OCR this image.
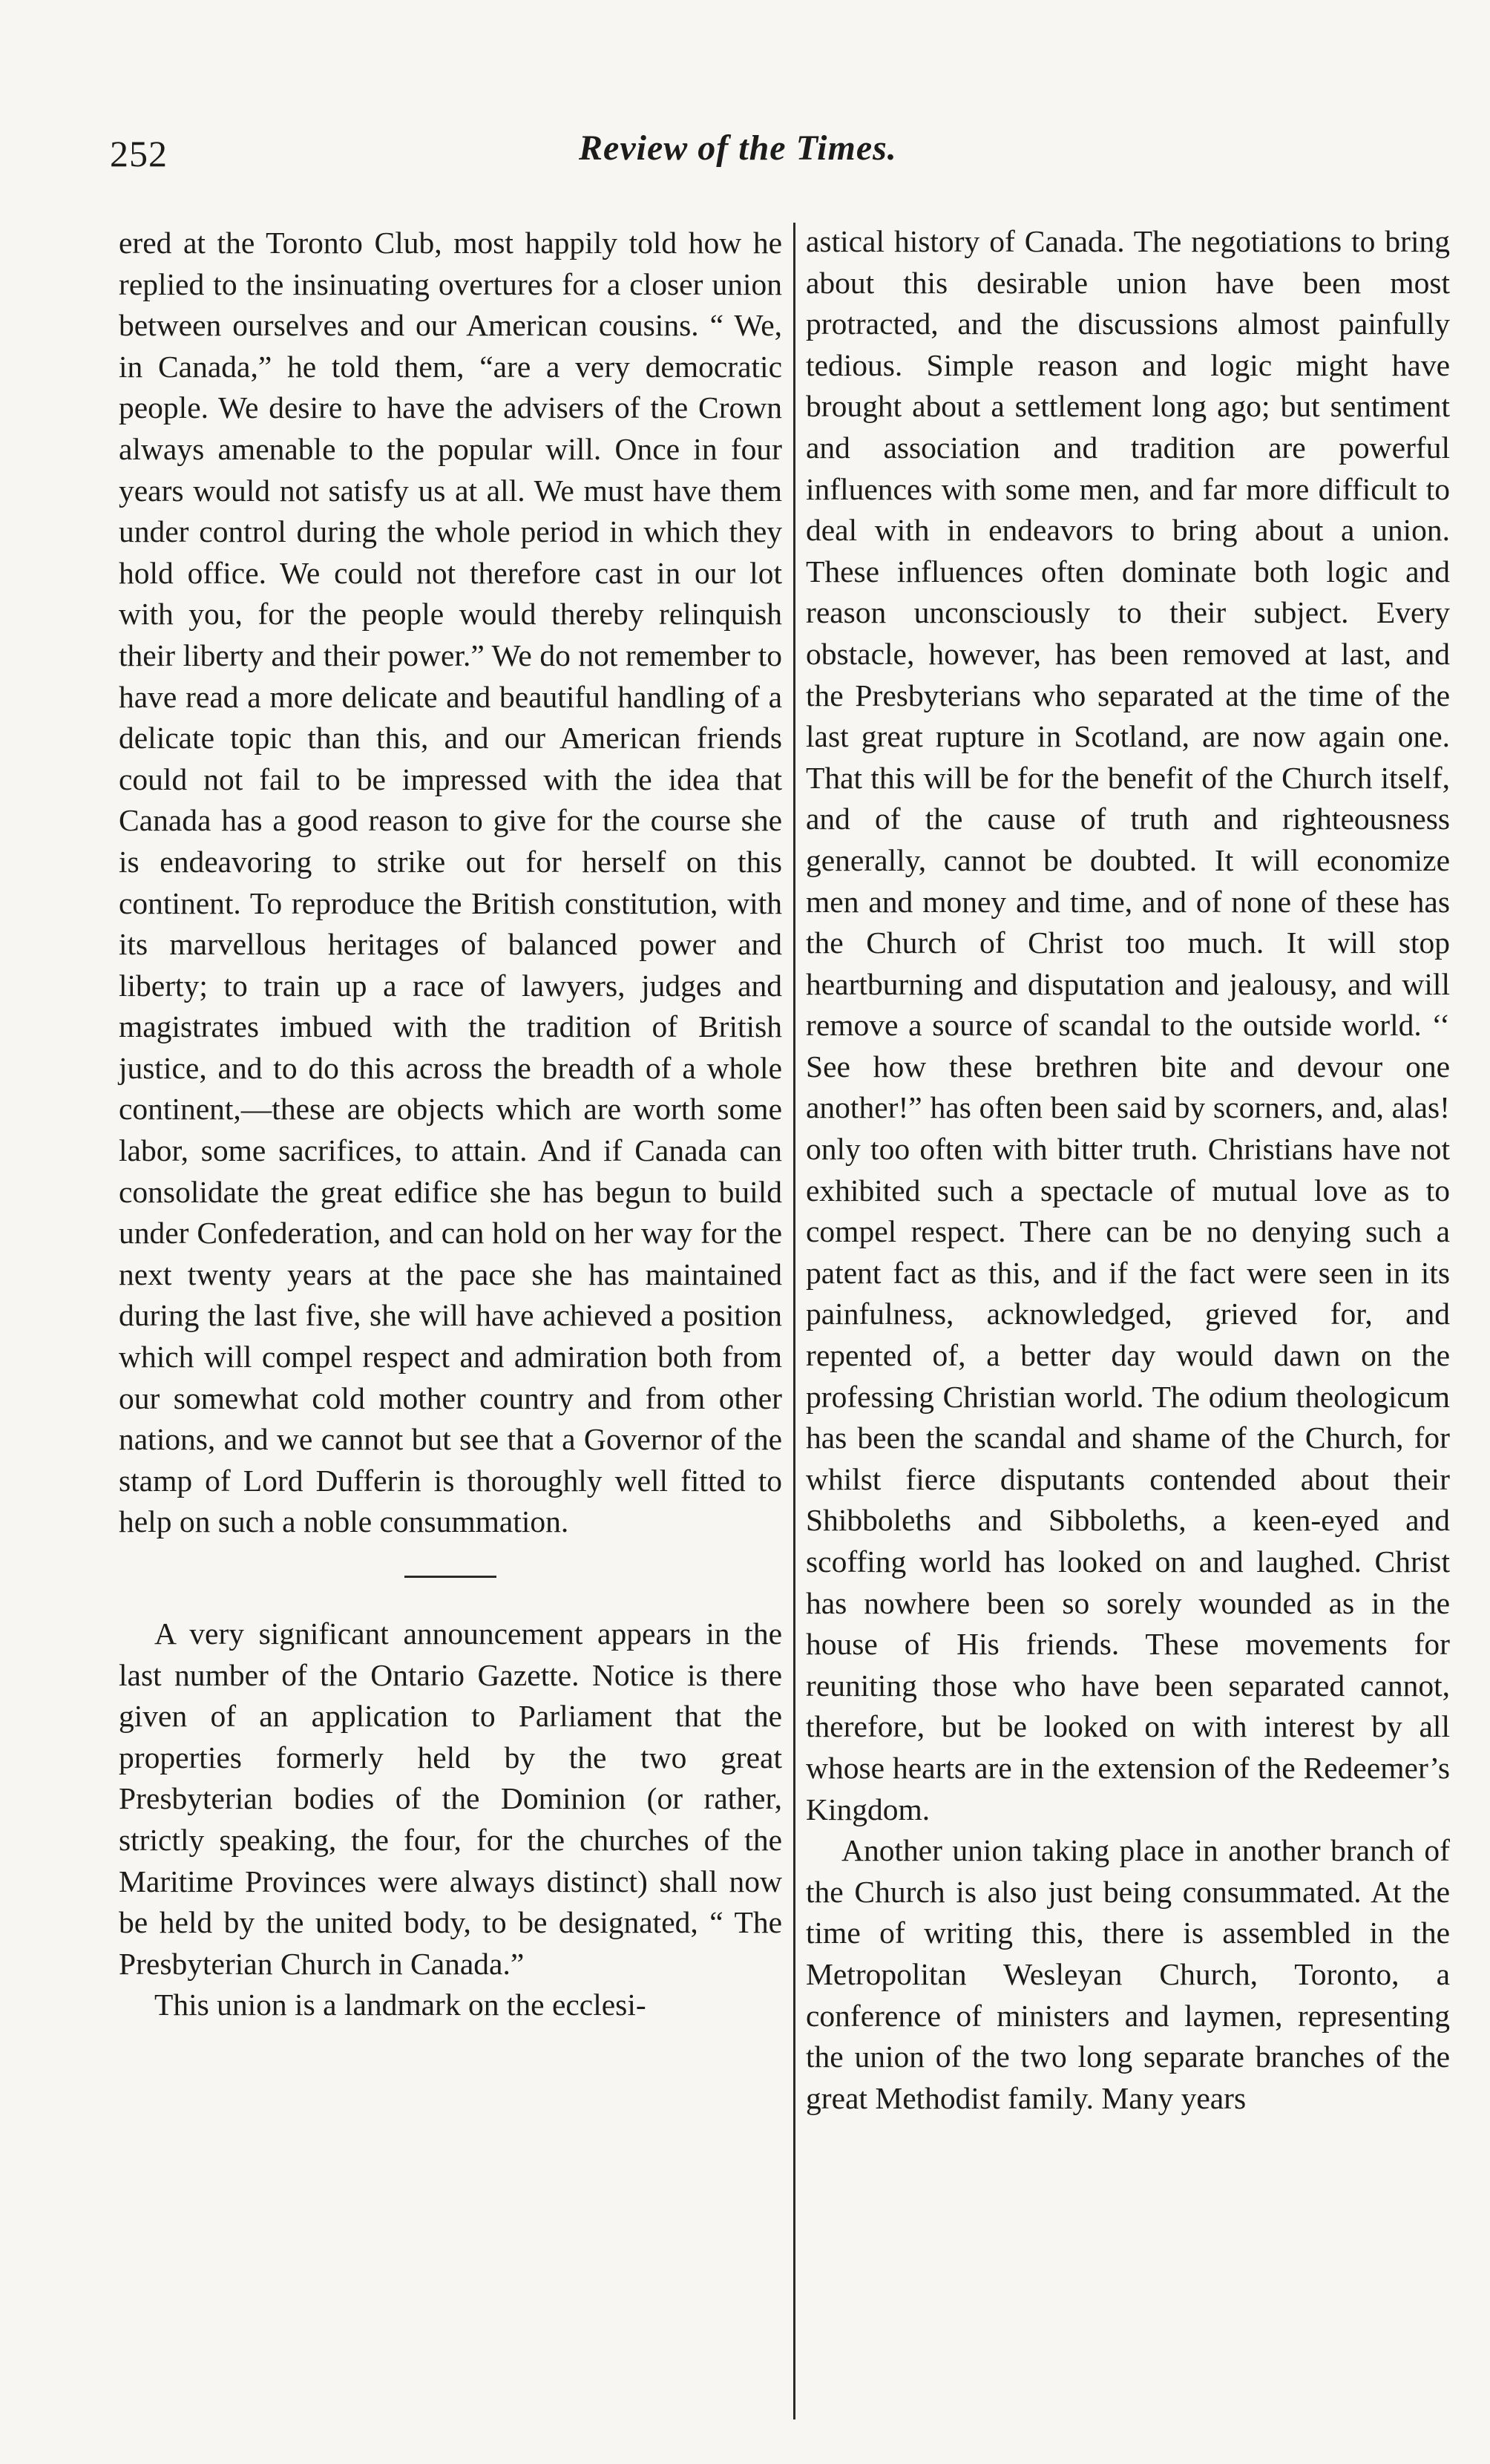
252	Review of the Times.

ered at the Toronto Club, most happily told how he replied to the insinuating overtures for a closer union between ourselves and our American cousins. “ We, in Canada,” he told them, “are a very democratic people. We desire to have the advisers of the Crown always amenable to the popular will. Once in four years would not satisfy us at all. We must have them under control during the whole period in which they hold office. We could not therefore cast in our lot with you, for the people would thereby relinquish their liberty and their power.” We do not remember to have read a more delicate and beautiful handling of a delicate topic than this, and our American friends could not fail to be impressed with the idea that Canada has a good reason to give for the course she is endeavoring to strike out for herself on this continent. To reproduce the British constitution, with its marvellous heritages of balanced power and liberty; to train up a race of lawyers, judges and magistrates imbued with the tradition of British justice, and to do this across the breadth of a whole continent,—these are objects which are worth some labor, some sacrifices, to attain. And if Canada can consolidate the great edifice she has begun to build under Confederation, and can hold on her way for the next twenty years at the pace she has maintained during the last five, she will have achieved a position which will compel respect and admiration both from our somewhat cold mother country and from other nations, and we cannot but see that a Governor of the stamp of Lord Dufferin is thoroughly well fitted to help on such a noble consummation.

A very significant announcement appears in the last number of the Ontario Gazette. Notice is there given of an application to Parliament that the properties formerly held by the two great Presbyterian bodies of the Dominion (or rather, strictly speaking, the four, for the churches of the Maritime Provinces were always distinct) shall now be held by the united body, to be designated, “ The Presbyterian Church in Canada.”

This union is a landmark on the ecclesi-

astical history of Canada. The negotiations to bring about this desirable union have been most protracted, and the discussions almost painfully tedious. Simple reason and logic might have brought about a settlement long ago; but sentiment and association and tradition are powerful influences with some men, and far more difficult to deal with in endeavors to bring about a union. These influences often dominate both logic and reason unconsciously to their subject. Every obstacle, however, has been removed at last, and the Presbyterians who separated at the time of the last great rupture in Scotland, are now again one. That this will be for the benefit of the Church itself, and of the cause of truth and righteousness generally, cannot be doubted. It will economize men and money and time, and of none of these has the Church of Christ too much. It will stop heartburning and disputation and jealousy, and will remove a source of scandal to the outside world. ‘‘ See how these brethren bite and devour one another!” has often been said by scorners, and, alas! only too often with bitter truth. Christians have not exhibited such a spectacle of mutual love as to compel respect. There can be no denying such a patent fact as this, and if the fact were seen in its painfulness, acknowledged, grieved for, and repented of, a better day would dawn on the professing Christian world. The odium theologicum has been the scandal and shame of the Church, for whilst fierce disputants contended about their Shibboleths and Sibboleths, a keen-eyed and scoffing world has looked on and laughed. Christ has nowhere been so sorely wounded as in the house of His friends. These movements for reuniting those who have been separated cannot, therefore, but be looked on with interest by all whose hearts are in the extension of the Redeemer’s Kingdom.

Another union taking place in another branch of the Church is also just being consummated. At the time of writing this, there is assembled in the Metropolitan Wesleyan Church, Toronto, a conference of ministers and laymen, representing the union of the two long separate branches of the great Methodist family. Many years
